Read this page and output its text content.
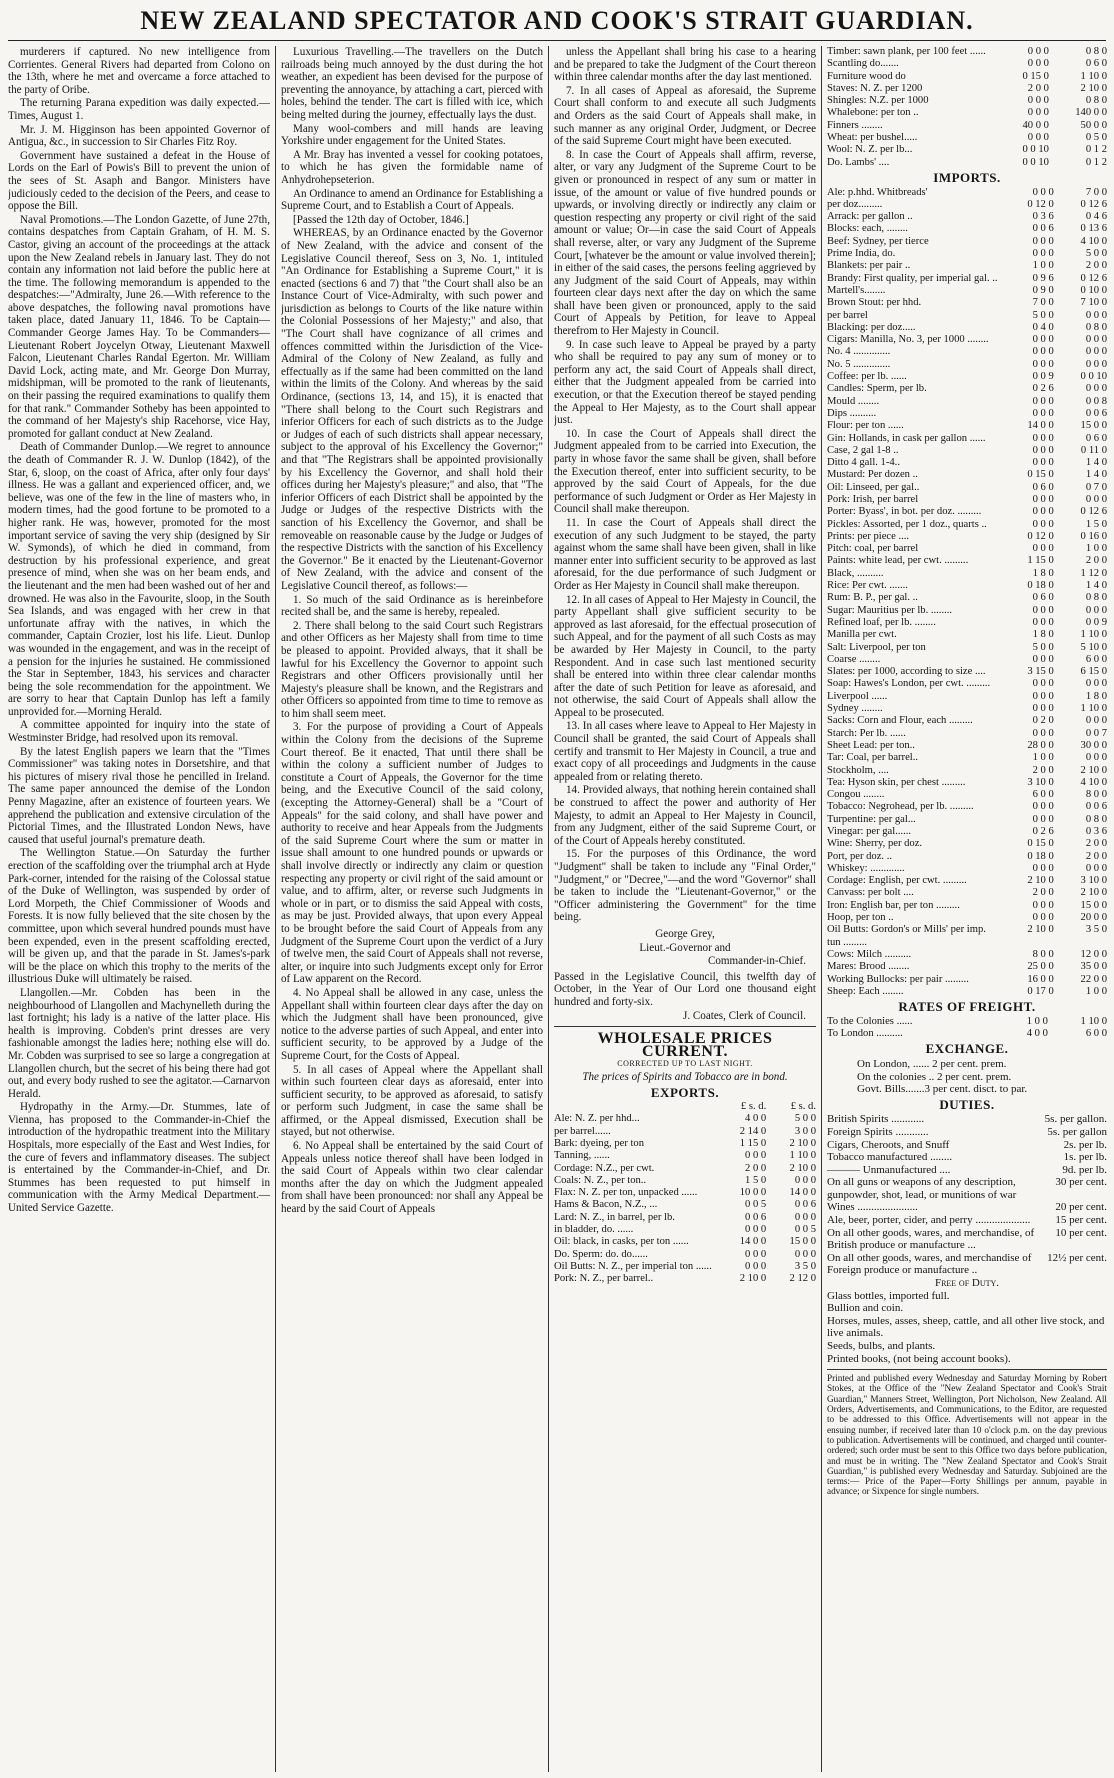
NEW ZEALAND SPECTATOR AND COOK'S STRAIT GUARDIAN.

murderers if captured. No new intelligence from Corrientes. General Rivers had departed from Colono on the 13th, where he met and overcame a force attached to the party of Oribe.

The returning Parana expedition was daily expected.—Times, August 1.

Mr. J. M. Higginson has been appointed Governor of Antigua, &c., in succession to Sir Charles Fitz Roy.

Government have sustained a defeat in the House of Lords on the Earl of Powis's Bill to prevent the union of the sees of St. Asaph and Bangor. Ministers have judiciously ceded to the decision of the Peers, and cease to oppose the Bill.

Naval Promotions.—The London Gazette, of June 27th, contains despatches from Captain Graham, of H. M. S. Castor, giving an account of the proceedings at the attack upon the New Zealand rebels in January last. They do not contain any information not laid before the public here at the time. The following memorandum is appended to the despatches:—"Admiralty, June 26.—With reference to the above despatches, the following naval promotions have taken place, dated January 11, 1846. To be Captain—Commander George James Hay. To be Commanders—Lieutenant Robert Joycelyn Otway, Lieutenant Maxwell Falcon, Lieutenant Charles Randal Egerton. Mr. William David Lock, acting mate, and Mr. George Don Murray, midshipman, will be promoted to the rank of lieutenants, on their passing the required examinations to qualify them for that rank." Commander Sotheby has been appointed to the command of her Majesty's ship Racehorse, vice Hay, promoted for gallant conduct at New Zealand.

Death of Commander Dunlop.—We regret to announce the death of Commander R. J. W. Dunlop (1842), of the Star, 6, sloop, on the coast of Africa, after only four days' illness. He was a gallant and experienced officer, and, we believe, was one of the few in the line of masters who, in modern times, had the good fortune to be promoted to a higher rank. He was, however, promoted for the most important service of saving the very ship (designed by Sir W. Symonds), of which he died in command, from destruction by his professional experience, and great presence of mind, when she was on her beam ends, and the lieutenant and the men had been washed out of her and drowned. He was also in the Favourite, sloop, in the South Sea Islands, and was engaged with her crew in that unfortunate affray with the natives, in which the commander, Captain Crozier, lost his life. Lieut. Dunlop was wounded in the engagement, and was in the receipt of a pension for the injuries he sustained. He commissioned the Star in September, 1843, his services and character being the sole recommendation for the appointment. We are sorry to hear that Captain Dunlop has left a family unprovided for.—Morning Herald.

A committee appointed for inquiry into the state of Westminster Bridge, had resolved upon its removal.

By the latest English papers we learn that the "Times Commissioner" was taking notes in Dorsetshire, and that his pictures of misery rival those he pencilled in Ireland. The same paper announced the demise of the London Penny Magazine, after an existence of fourteen years. We apprehend the publication and extensive circulation of the Pictorial Times, and the Illustrated London News, have caused that useful journal's premature death.

The Wellington Statue.—On Saturday the further erection of the scaffolding over the triumphal arch at Hyde Park-corner, intended for the raising of the Colossal statue of the Duke of Wellington, was suspended by order of Lord Morpeth, the Chief Commissioner of Woods and Forests. It is now fully believed that the site chosen by the committee, upon which several hundred pounds must have been expended, even in the present scaffolding erected, will be given up, and that the parade in St. James's-park will be the place on which this trophy to the merits of the illustrious Duke will ultimately be raised.

Llangollen.—Mr. Cobden has been in the neighbourhood of Llangollen and Machynelleth during the last fortnight; his lady is a native of the latter place. His health is improving. Cobden's print dresses are very fashionable amongst the ladies here; nothing else will do. Mr. Cobden was surprised to see so large a congregation at Llangollen church, but the secret of his being there had got out, and every body rushed to see the agitator.—Carnarvon Herald.

Hydropathy in the Army.—Dr. Stummes, late of Vienna, has proposed to the Commander-in-Chief the introduction of the hydropathic treatment into the Military Hospitals, more especially of the East and West Indies, for the cure of fevers and inflammatory diseases. The subject is entertained by the Commander-in-Chief, and Dr. Stummes has been requested to put himself in communication with the Army Medical Department.—United Service Gazette.

Luxurious Travelling.—The travellers on the Dutch railroads being much annoyed by the dust during the hot weather, an expedient has been devised for the purpose of preventing the annoyance, by attaching a cart, pierced with holes, behind the tender. The cart is filled with ice, which being melted during the journey, effectually lays the dust.

Many wool-combers and mill hands are leaving Yorkshire under engagement for the United States.

A Mr. Bray has invented a vessel for cooking potatoes, to which he has given the formidable name of Anhydrohepseterion.

An Ordinance to amend an Ordinance for Establishing a Supreme Court, and to Establish a Court of Appeals.

[Passed the 12th day of October, 1846.]

WHEREAS, by an Ordinance enacted by the Governor of New Zealand, with the advice and consent of the Legislative Council thereof, Sess on 3, No. 1, intituled "An Ordinance for Establishing a Supreme Court," it is enacted (sections 6 and 7) that "the Court shall also be an Instance Court of Vice-Admiralty, with such power and jurisdiction as belongs to Courts of the like nature within the Colonial Possessions of her Majesty;" and also, that "The Court shall have cognizance of all crimes and offences committed within the Jurisdiction of the Vice-Admiral of the Colony of New Zealand, as fully and effectually as if the same had been committed on the land within the limits of the Colony. And whereas by the said Ordinance, (sections 13, 14, and 15), it is enacted that "There shall belong to the Court such Registrars and inferior Officers for each of such districts as to the Judge or Judges of each of such districts shall appear necessary, subject to the approval of his Excellency the Governor;" and that "The Registrars shall be appointed provisionally by his Excellency the Governor, and shall hold their offices during her Majesty's pleasure;" and also, that "The inferior Officers of each District shall be appointed by the Judge or Judges of the respective Districts with the sanction of his Excellency the Governor, and shall be removeable on reasonable cause by the Judge or Judges of the respective Districts with the sanction of his Excellency the Governor." Be it enacted by the Lieutenant-Governor of New Zealand, with the advice and consent of the Legislative Council thereof, as follows:—

1. So much of the said Ordinance as is hereinbefore recited shall be, and the same is hereby, repealed.

2. There shall belong to the said Court such Registrars and other Officers as her Majesty shall from time to time be pleased to appoint. Provided always, that it shall be lawful for his Excellency the Governor to appoint such Registrars and other Officers provisionally until her Majesty's pleasure shall be known, and the Registrars and other Officers so appointed from time to time to remove as to him shall seem meet.

3. For the purpose of providing a Court of Appeals within the Colony from the decisions of the Supreme Court thereof. Be it enacted, That until there shall be within the colony a sufficient number of Judges to constitute a Court of Appeals, the Governor for the time being, and the Executive Council of the said colony, (excepting the Attorney-General) shall be a "Court of Appeals" for the said colony, and shall have power and authority to receive and hear Appeals from the Judgments of the said Supreme Court where the sum or matter in issue shall amount to one hundred pounds or upwards or shall involve directly or indirectly any claim or question respecting any property or civil right of the said amount or value, and to affirm, alter, or reverse such Judgments in whole or in part, or to dismiss the said Appeal with costs, as may be just. Provided always, that upon every Appeal to be brought before the said Court of Appeals from any Judgment of the Supreme Court upon the verdict of a Jury of twelve men, the said Court of Appeals shall not reverse, alter, or inquire into such Judgments except only for Error of Law apparent on the Record.

4. No Appeal shall be allowed in any case, unless the Appellant shall within fourteen clear days after the day on which the Judgment shall have been pronounced, give notice to the adverse parties of such Appeal, and enter into sufficient security, to be approved by a Judge of the Supreme Court, for the Costs of Appeal.

5. In all cases of Appeal where the Appellant shall within such fourteen clear days as aforesaid, enter into sufficient security, to be approved as aforesaid, to satisfy or perform such Judgment, in case the same shall be affirmed, or the Appeal dismissed, Execution shall be stayed, but not otherwise.

6. No Appeal shall be entertained by the said Court of Appeals unless notice thereof shall have been lodged in the said Court of Appeals within two clear calendar months after the day on which the Judgment appealed from shall have been pronounced: nor shall any Appeal be heard by the said Court of Appeals

unless the Appellant shall bring his case to a hearing and be prepared to take the Judgment of the Court thereon within three calendar months after the day last mentioned.

7. In all cases of Appeal as aforesaid, the Supreme Court shall conform to and execute all such Judgments and Orders as the said Court of Appeals shall make, in such manner as any original Order, Judgment, or Decree of the said Supreme Court might have been executed.

8. In case the Court of Appeals shall affirm, reverse, alter, or vary any Judgment of the Supreme Court to be given or pronounced in respect of any sum or matter in issue, of the amount or value of five hundred pounds or upwards, or involving directly or indirectly any claim or question respecting any property or civil right of the said amount or value; Or—in case the said Court of Appeals shall reverse, alter, or vary any Judgment of the Supreme Court, [whatever be the amount or value involved therein]; in either of the said cases, the persons feeling aggrieved by any Judgment of the said Court of Appeals, may within fourteen clear days next after the day on which the same shall have been given or pronounced, apply to the said Court of Appeals by Petition, for leave to Appeal therefrom to Her Majesty in Council.

9. In case such leave to Appeal be prayed by a party who shall be required to pay any sum of money or to perform any act, the said Court of Appeals shall direct, either that the Judgment appealed from be carried into execution, or that the Execution thereof be stayed pending the Appeal to Her Majesty, as to the Court shall appear just.

10. In case the Court of Appeals shall direct the Judgment appealed from to be carried into Execution, the party in whose favor the same shall be given, shall before the Execution thereof, enter into sufficient security, to be approved by the said Court of Appeals, for the due performance of such Judgment or Order as Her Majesty in Council shall make thereupon.

11. In case the Court of Appeals shall direct the execution of any such Judgment to be stayed, the party against whom the same shall have been given, shall in like manner enter into sufficient security to be approved as last aforesaid, for the due performance of such Judgment or Order as Her Majesty in Council shall make thereupon.

12. In all cases of Appeal to Her Majesty in Council, the party Appellant shall give sufficient security to be approved as last aforesaid, for the effectual prosecution of such Appeal, and for the payment of all such Costs as may be awarded by Her Majesty in Council, to the party Respondent. And in case such last mentioned security shall be entered into within three clear calendar months after the date of such Petition for leave as aforesaid, and not otherwise, the said Court of Appeals shall allow the Appeal to be prosecuted.

13. In all cases where leave to Appeal to Her Majesty in Council shall be granted, the said Court of Appeals shall certify and transmit to Her Majesty in Council, a true and exact copy of all proceedings and Judgments in the cause appealed from or relating thereto.

14. Provided always, that nothing herein contained shall be construed to affect the power and authority of Her Majesty, to admit an Appeal to Her Majesty in Council, from any Judgment, either of the said Supreme Court, or of the Court of Appeals hereby constituted.

15. For the purposes of this Ordinance, the word "Judgment" shall be taken to include any "Final Order," "Judgment," or "Decree,"—and the word "Governor" shall be taken to include the "Lieutenant-Governor," or the "Officer administering the Government" for the time being.

George Grey,

Lieut.-Governor and

Commander-in-Chief.

Passed in the Legislative Council, this twelfth day of October, in the Year of Our Lord one thousand eight hundred and forty-six.

J. Coates, Clerk of Council.

WHOLESALE PRICES CURRENT.
CORRECTED UP TO LAST NIGHT.
The prices of Spirits and Tobacco are in bond.
EXPORTS.
	£ s. d.	£ s. d.
Ale: N. Z. per hhd...	4 0 0	5 0 0
per barrel......	2 14 0	3 0 0
Bark: dyeing, per ton	1 15 0	2 10 0
Tanning, ......	0 0 0	1 10 0
Cordage: N.Z., per cwt.	2 0 0	2 10 0
Coals: N. Z., per ton..	1 5 0	0 0 0
Flax: N. Z. per ton, unpacked ......	10 0 0	14 0 0
Hams & Bacon, N.Z., ...	0 0 5	0 0 6
Lard: N. Z., in barrel, per lb.	0 0 6	0 0 0
in bladder, do. ......	0 0 0	0 0 5
Oil: black, in casks, per ton ......	14 0 0	15 0 0
Do. Sperm: do. do......	0 0 0	0 0 0
Oil Butts: N. Z., per imperial ton ......	0 0 0	3 5 0
Pork: N. Z., per barrel..	2 10 0	2 12 0
Timber: sawn plank, per 100 feet ......	0 0 0	0 8 0
Scantling do.......	0 0 0	0 6 0
Furniture wood do	0 15 0	1 10 0
Staves: N. Z. per 1200	2 0 0	2 10 0
Shingles: N.Z. per 1000	0 0 0	0 8 0
Whalebone: per ton ..	0 0 0	140 0 0
Finners ........	40 0 0	50 0 0
Wheat: per bushel.....	0 0 0	0 5 0
Wool: N. Z. per lb...	0 0 10	0 1 2
Do. Lambs' ....	0 0 10	0 1 2
IMPORTS.
Ale: p.hhd. Whitbreads'	0 0 0	7 0 0
per doz.........	0 12 0	0 12 6
Arrack: per gallon ..	0 3 6	0 4 6
Blocks: each, ........	0 0 6	0 13 6
Beef: Sydney, per tierce	0 0 0	4 10 0
Prime India, do.	0 0 0	5 0 0
Blankets: per pair ..	1 0 0	2 0 0
Brandy: First quality, per imperial gal. ..	0 9 6	0 12 6
Martell's........	0 9 0	0 10 0
Brown Stout: per hhd.	7 0 0	7 10 0
per barrel	5 0 0	0 0 0
Blacking: per doz.....	0 4 0	0 8 0
Cigars: Manilla, No. 3, per 1000 ........	0 0 0	0 0 0
No. 4 ..............	0 0 0	0 0 0
No. 5 ..............	0 0 0	0 0 0
Coffee: per lb. ......	0 0 9	0 0 10
Candles: Sperm, per lb.	0 2 6	0 0 0
Mould ........	0 0 0	0 0 8
Dips ..........	0 0 0	0 0 6
Flour: per ton ......	14 0 0	15 0 0
Gin: Hollands, in cask per gallon ......	0 0 0	0 6 0
Case, 2 gal 1-8 ..	0 0 0	0 11 0
Ditto 4 gall. 1-4..	0 0 0	1 4 0
Mustard: Per dozen ..	0 15 0	1 4 0
Oil: Linseed, per gal..	0 6 0	0 7 0
Pork: Irish, per barrel	0 0 0	0 0 0
Porter: Byass', in bot. per doz. .........	0 0 0	0 12 6
Pickles: Assorted, per 1 doz., quarts ..	0 0 0	1 5 0
Prints: per piece ....	0 12 0	0 16 0
Pitch: coal, per barrel	0 0 0	1 0 0
Paints: white lead, per cwt. .........	1 15 0	2 0 0
Black, ..........	1 8 0	1 12 0
Rice: Per cwt. .......	0 18 0	1 4 0
Rum: B. P., per gal. ..	0 6 0	0 8 0
Sugar: Mauritius per lb. ........	0 0 0	0 0 0
Refined loaf, per lb. ........	0 0 0	0 0 9
Manilla per cwt.	1 8 0	1 10 0
Salt: Liverpool, per ton	5 0 0	5 10 0
Coarse ........	0 0 0	6 0 0
Slates: per 1000, according to size ....	3 15 0	6 15 0
Soap: Hawes's London, per cwt. .........	0 0 0	0 0 0
Liverpool ......	0 0 0	1 8 0
Sydney ........	0 0 0	1 10 0
Sacks: Corn and Flour, each .........	0 2 0	0 0 0
Starch: Per lb. ......	0 0 0	0 0 7
Sheet Lead: per ton..	28 0 0	30 0 0
Tar: Coal, per barrel..	1 0 0	0 0 0
Stockholm, ....	2 0 0	2 10 0
Tea: Hyson skin, per chest .........	3 10 0	4 10 0
Congou ........	6 0 0	8 0 0
Tobacco: Negrohead, per lb. .........	0 0 0	0 0 6
Turpentine: per gal...	0 0 0	0 8 0
Vinegar: per gal......	0 2 6	0 3 6
Wine: Sherry, per doz.	0 15 0	2 0 0
Port, per doz. ..	0 18 0	2 0 0
Whiskey: .............	0 0 0	0 0 0
Cordage: English, per cwt. .........	2 10 0	3 10 0
Canvass: per bolt ....	2 0 0	2 10 0
Iron: English bar, per ton .........	0 0 0	15 0 0
Hoop, per ton ..	0 0 0	20 0 0
Oil Butts: Gordon's or Mills' per imp. tun .........	2 10 0	3 5 0
Cows: Milch ..........	8 0 0	12 0 0
Mares: Brood ........	25 0 0	35 0 0
Working Bullocks: per pair .........	16 0 0	22 0 0
Sheep: Each ........	0 17 0	1 0 0
RATES OF FREIGHT.
To the Colonies ......	1 0 0	1 10 0
To London ..........	4 0 0	6 0 0
EXCHANGE.
On London, ...... 2 per cent. prem.
On the colonies .. 2 per cent. prem.
Govt. Bills.......3 per cent. disct. to par.
DUTIES.
British Spirits ............	5s. per gallon.
Foreign Spirits ............	5s. per gallon
Cigars, Cheroots, and Snuff	2s. per lb.
Tobacco manufactured ........	1s. per lb.
——— Unmanufactured ....	9d. per lb.
On all guns or weapons of any description, gunpowder, shot, lead, or munitions of war
30 per cent.
Wines ......................	20 per cent.
Ale, beer, porter, cider, and perry ....................	15 per cent.
On all other goods, wares, and merchandise, of British produce or manufacture ...
10 per cent.
On all other goods, wares, and merchandise of Foreign produce or manufacture ..
12½ per cent.
Free of Duty.
Glass bottles, imported full.
Bullion and coin.
Horses, mules, asses, sheep, cattle, and all other live stock, and live animals.
Seeds, bulbs, and plants.
Printed books, (not being account books).
Printed and published every Wednesday and Saturday Morning by Robert Stokes, at the Office of the "New Zealand Spectator and Cook's Strait Guardian," Manners Street, Wellington, Port Nicholson, New Zealand. All Orders, Advertisements, and Communications, to the Editor, are requested to be addressed to this Office. Advertisements will not appear in the ensuing number, if received later than 10 o'clock p.m. on the day previous to publication. Advertisements will be continued, and charged until counter-ordered; such order must be sent to this Office two days before publication, and must be in writing. The "New Zealand Spectator and Cook's Strait Guardian," is published every Wednesday and Saturday. Subjoined are the terms:— Price of the Paper—Forty Shillings per annum, payable in advance; or Sixpence for single numbers.
